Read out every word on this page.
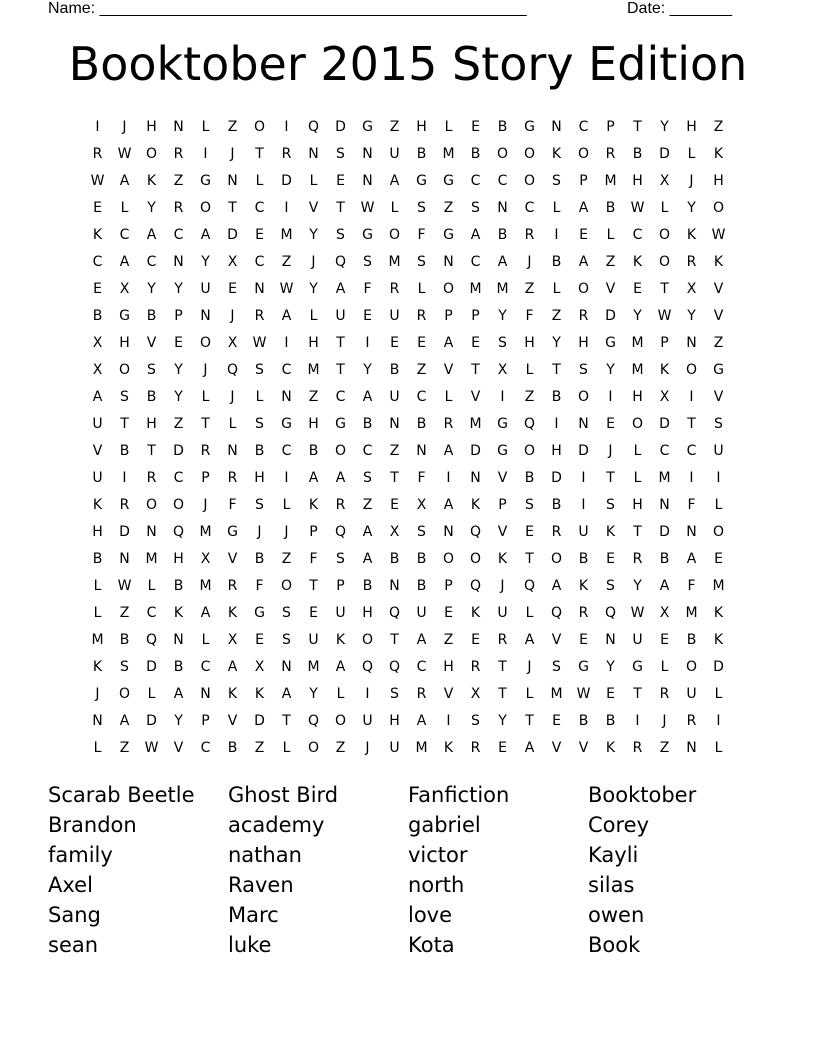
Name: ________________________________________________	Date: _______
Booktober 2015 Story Edition
I	J	H	N	L	Z	O	I	Q	D	G	Z	H	L	E	B	G	N	C	P	T	Y	H	Z
R	W	O	R	I	J	T	R	N	S	N	U	B	M	B	O	O	K	O	R	B	D	L	K
W	A	K	Z	G	N	L	D	L	E	N	A	G	G	C	C	O	S	P	M	H	X	J	H
E	L	Y	R	O	T	C	I	V	T	W	L	S	Z	S	N	C	L	A	B	W	L	Y	O
K	C	A	C	A	D	E	M	Y	S	G	O	F	G	A	B	R	I	E	L	C	O	K	W
C	A	C	N	Y	X	C	Z	J	Q	S	M	S	N	C	A	J	B	A	Z	K	O	R	K
E	X	Y	Y	U	E	N	W	Y	A	F	R	L	O	M	M	Z	L	O	V	E	T	X	V
B	G	B	P	N	J	R	A	L	U	E	U	R	P	P	Y	F	Z	R	D	Y	W	Y	V
X	H	V	E	O	X	W	I	H	T	I	E	E	A	E	S	H	Y	H	G	M	P	N	Z
X	O	S	Y	J	Q	S	C	M	T	Y	B	Z	V	T	X	L	T	S	Y	M	K	O	G
A	S	B	Y	L	J	L	N	Z	C	A	U	C	L	V	I	Z	B	O	I	H	X	I	V
U	T	H	Z	T	L	S	G	H	G	B	N	B	R	M	G	Q	I	N	E	O	D	T	S
V	B	T	D	R	N	B	C	B	O	C	Z	N	A	D	G	O	H	D	J	L	C	C	U
U	I	R	C	P	R	H	I	A	A	S	T	F	I	N	V	B	D	I	T	L	M	I	I
K	R	O	O	J	F	S	L	K	R	Z	E	X	A	K	P	S	B	I	S	H	N	F	L
H	D	N	Q	M	G	J	J	P	Q	A	X	S	N	Q	V	E	R	U	K	T	D	N	O
B	N	M	H	X	V	B	Z	F	S	A	B	B	O	O	K	T	O	B	E	R	B	A	E
L	W	L	B	M	R	F	O	T	P	B	N	B	P	Q	J	Q	A	K	S	Y	A	F	M
L	Z	C	K	A	K	G	S	E	U	H	Q	U	E	K	U	L	Q	R	Q	W	X	M	K
M	B	Q	N	L	X	E	S	U	K	O	T	A	Z	E	R	A	V	E	N	U	E	B	K
K	S	D	B	C	A	X	N	M	A	Q	Q	C	H	R	T	J	S	G	Y	G	L	O	D
J	O	L	A	N	K	K	A	Y	L	I	S	R	V	X	T	L	M	W	E	T	R	U	L
N	A	D	Y	P	V	D	T	Q	O	U	H	A	I	S	Y	T	E	B	B	I	J	R	I
L	Z	W	V	C	B	Z	L	O	Z	J	U	M	K	R	E	A	V	V	K	R	Z	N	L
Scarab Beetle	Ghost Bird	Fanfiction	Booktober
Brandon	academy	gabriel	Corey
family	nathan	victor	Kayli
Axel	Raven	north	silas
Sang	Marc	love	owen
sean	luke	Kota	Book
